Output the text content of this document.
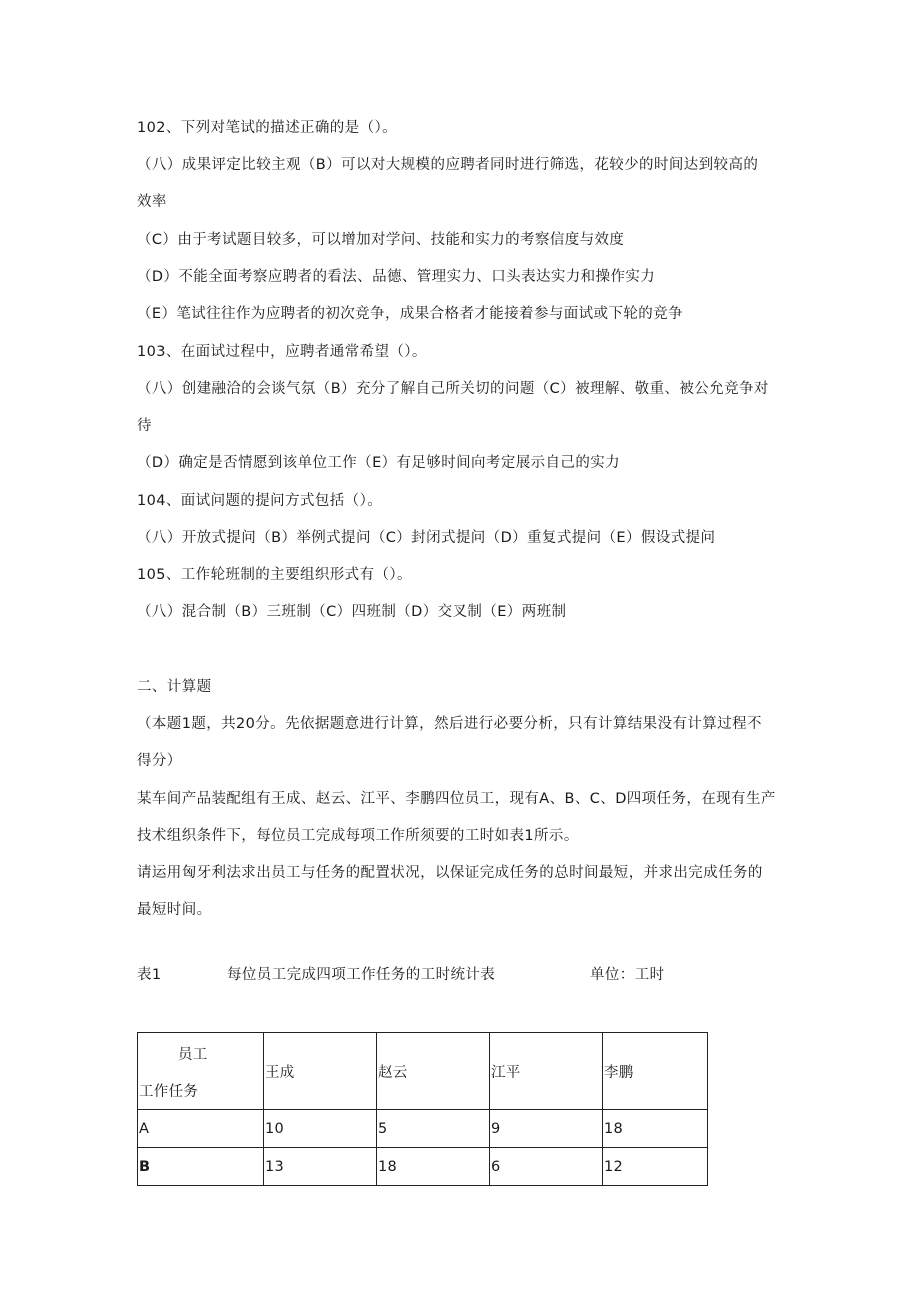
102、下列对笔试的描述正确的是（）。
（八）成果评定比较主观（B）可以对大规模的应聘者同时进行筛选，花较少的时间达到较高的
效率
（C）由于考试题目较多，可以增加对学问、技能和实力的考察信度与效度
（D）不能全面考察应聘者的看法、品德、管理实力、口头表达实力和操作实力
（E）笔试往往作为应聘者的初次竞争，成果合格者才能接着参与面试或下轮的竞争
103、在面试过程中，应聘者通常希望（）。
（八）创建融洽的会谈气氛（B）充分了解自己所关切的问题（C）被理解、敬重、被公允竞争对
待
（D）确定是否情愿到该单位工作（E）有足够时间向考定展示自己的实力
104、面试问题的提问方式包括（）。
（八）开放式提问（B）举例式提问（C）封闭式提问（D）重复式提问（E）假设式提问
105、工作轮班制的主要组织形式有（）。
（八）混合制（B）三班制（C）四班制（D）交叉制（E）两班制
二、计算题
（本题1题，共20分。先依据题意进行计算，然后进行必要分析，只有计算结果没有计算过程不
得分）
某车间产品装配组有王成、赵云、江平、李鹏四位员工，现有A、B、C、D四项任务，在现有生产
技术组织条件下，每位员工完成每项工作所须要的工时如表1所示。
请运用匈牙利法求出员工与任务的配置状况，以保证完成任务的总时间最短，并求出完成任务的
最短时间。
表1	每位员工完成四项工作任务的工时统计表	单位：工时
员工
工作任务	王成	赵云	江平	李鹏
A	10	5	9	18
B	13	18	6	12
